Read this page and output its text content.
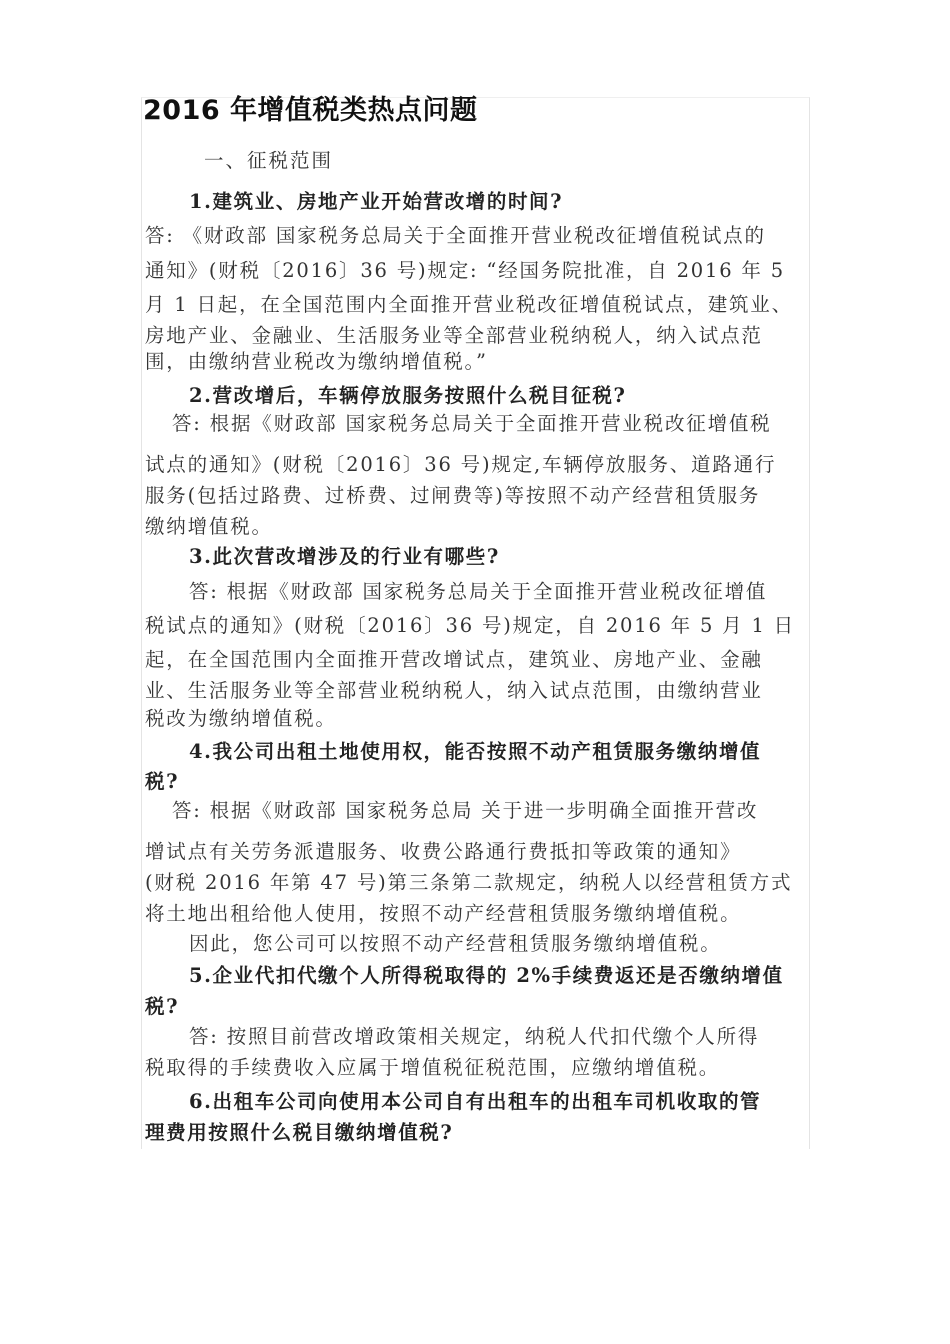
2016 年增值税类热点问题

一、征税范围

1.建筑业、房地产业开始营改增的时间?

答: 《财政部 国家税务总局关于全面推开营业税改征增值税试点的

通知》(财税〔2016〕36 号)规定: “经国务院批准，自 2016 年 5

月 1 日起，在全国范围内全面推开营业税改征增值税试点，建筑业、

房地产业、金融业、生活服务业等全部营业税纳税人，纳入试点范

围，由缴纳营业税改为缴纳增值税。”

2.营改增后，车辆停放服务按照什么税目征税?

答: 根据《财政部 国家税务总局关于全面推开营业税改征增值税

试点的通知》(财税〔2016〕36 号)规定,车辆停放服务、道路通行

服务(包括过路费、过桥费、过闸费等)等按照不动产经营租赁服务

缴纳增值税。

3.此次营改增涉及的行业有哪些?

答: 根据《财政部 国家税务总局关于全面推开营业税改征增值

税试点的通知》(财税〔2016〕36 号)规定，自 2016 年 5 月 1 日

起，在全国范围内全面推开营改增试点，建筑业、房地产业、金融

业、生活服务业等全部营业税纳税人，纳入试点范围，由缴纳营业

税改为缴纳增值税。

4.我公司出租土地使用权，能否按照不动产租赁服务缴纳增值

税?

答: 根据《财政部 国家税务总局 关于进一步明确全面推开营改

增试点有关劳务派遣服务、收费公路通行费抵扣等政策的通知》

(财税 2016 年第 47 号)第三条第二款规定，纳税人以经营租赁方式

将土地出租给他人使用，按照不动产经营租赁服务缴纳增值税。

因此，您公司可以按照不动产经营租赁服务缴纳增值税。

5.企业代扣代缴个人所得税取得的 2%手续费返还是否缴纳增值

税?

答: 按照目前营改增政策相关规定，纳税人代扣代缴个人所得

税取得的手续费收入应属于增值税征税范围，应缴纳增值税。

6.出租车公司向使用本公司自有出租车的出租车司机收取的管

理费用按照什么税目缴纳增值税?
